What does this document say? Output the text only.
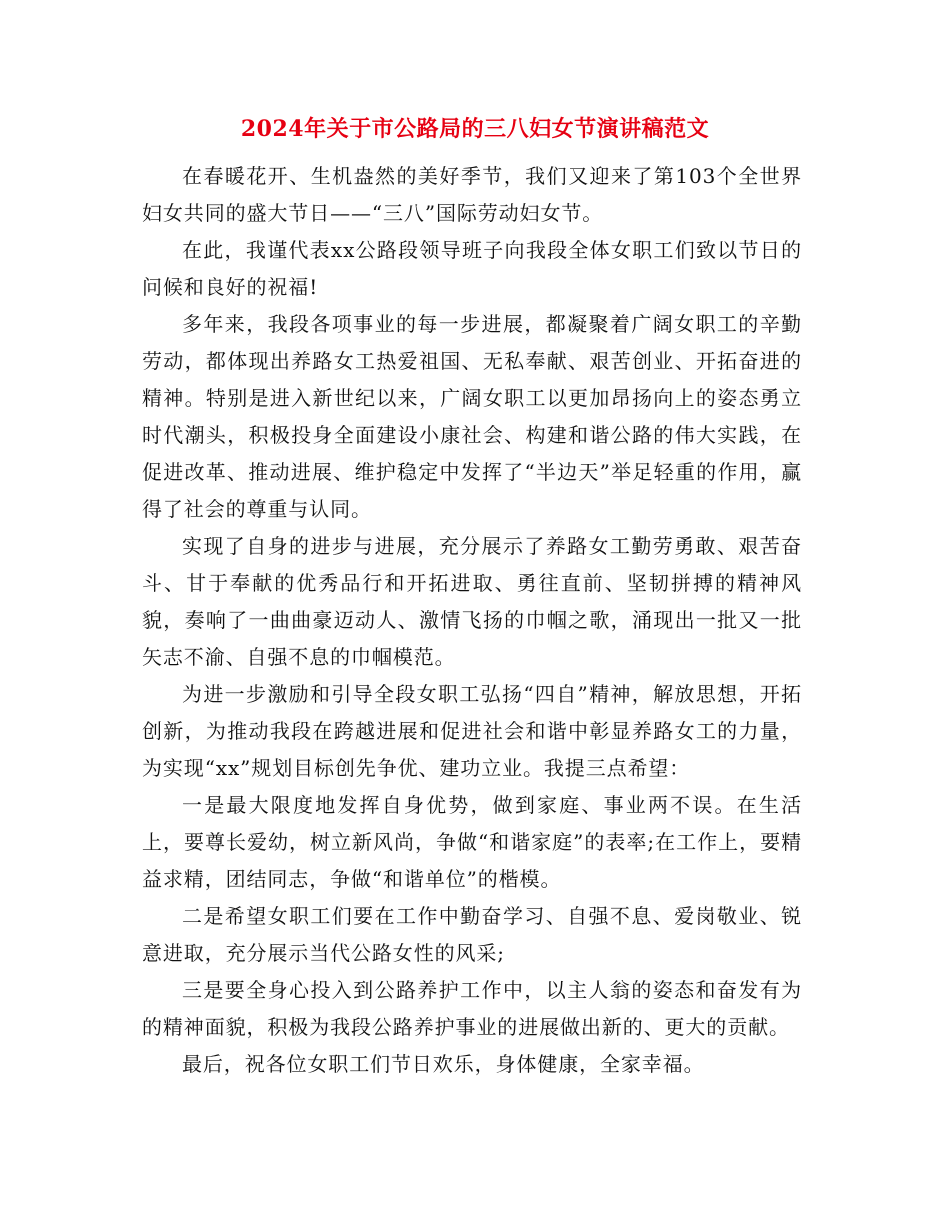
2024年关于市公路局的三八妇女节演讲稿范文

在春暖花开、生机盎然的美好季节，我们又迎来了第103个全世界妇女共同的盛大节日——“三八”国际劳动妇女节。

在此，我谨代表xx公路段领导班子向我段全体女职工们致以节日的问候和良好的祝福!

多年来，我段各项事业的每一步进展，都凝聚着广阔女职工的辛勤劳动，都体现出养路女工热爱祖国、无私奉献、艰苦创业、开拓奋进的精神。特别是进入新世纪以来，广阔女职工以更加昂扬向上的姿态勇立时代潮头，积极投身全面建设小康社会、构建和谐公路的伟大实践，在促进改革、推动进展、维护稳定中发挥了“半边天”举足轻重的作用，赢得了社会的尊重与认同。

实现了自身的进步与进展，充分展示了养路女工勤劳勇敢、艰苦奋斗、甘于奉献的优秀品行和开拓进取、勇往直前、坚韧拼搏的精神风貌，奏响了一曲曲豪迈动人、激情飞扬的巾帼之歌，涌现出一批又一批矢志不渝、自强不息的巾帼模范。

为进一步激励和引导全段女职工弘扬“四自”精神，解放思想，开拓创新，为推动我段在跨越进展和促进社会和谐中彰显养路女工的力量，为实现“xx”规划目标创先争优、建功立业。我提三点希望：

一是最大限度地发挥自身优势，做到家庭、事业两不误。在生活上，要尊长爱幼，树立新风尚，争做“和谐家庭”的表率;在工作上，要精益求精，团结同志，争做“和谐单位”的楷模。

二是希望女职工们要在工作中勤奋学习、自强不息、爱岗敬业、锐意进取，充分展示当代公路女性的风采;

三是要全身心投入到公路养护工作中，以主人翁的姿态和奋发有为的精神面貌，积极为我段公路养护事业的进展做出新的、更大的贡献。

最后，祝各位女职工们节日欢乐，身体健康，全家幸福。
